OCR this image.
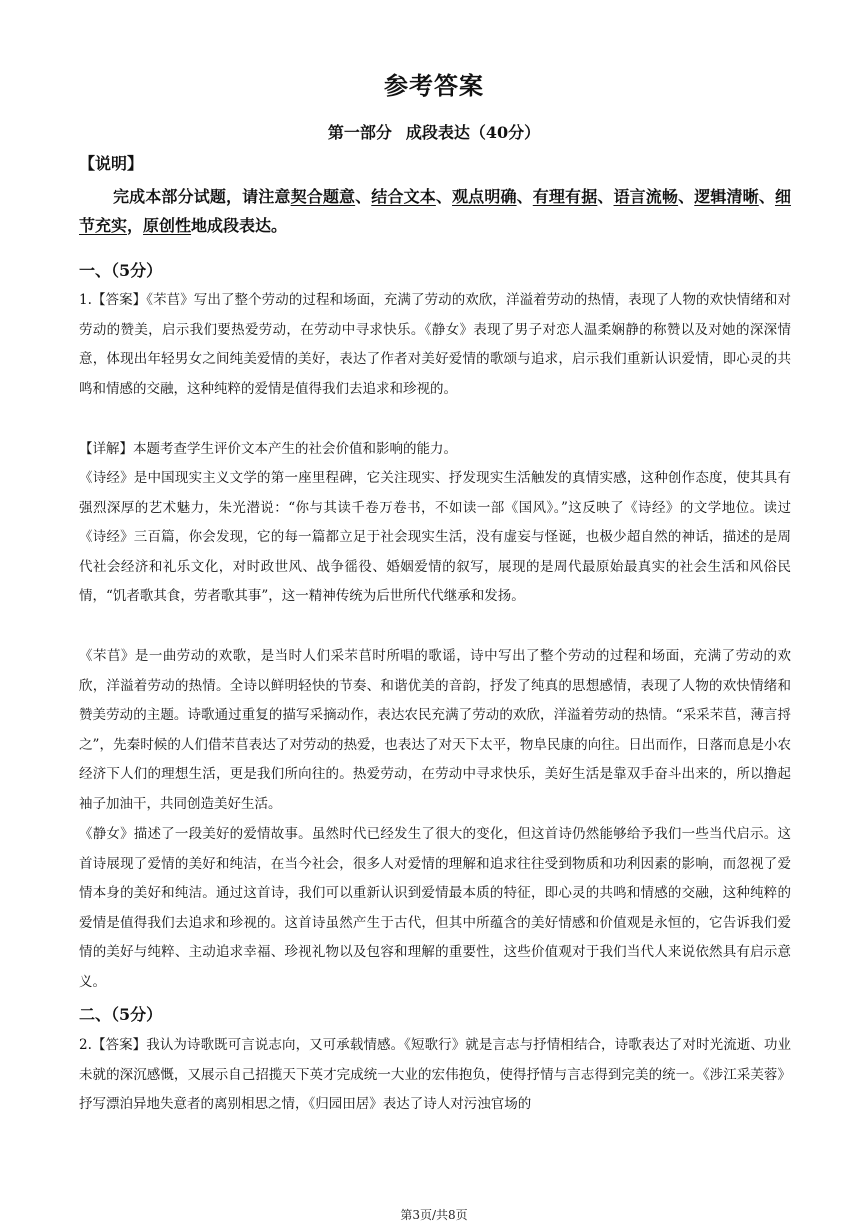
参考答案
第一部分 成段表达（40分）
【说明】
完成本部分试题，请注意契合题意、结合文本、观点明确、有理有据、语言流畅、逻辑清晰、细节充实，原创性地成段表达。
一、（5分）
1.【答案】《芣苢》写出了整个劳动的过程和场面，充满了劳动的欢欣，洋溢着劳动的热情，表现了人物的欢快情绪和对劳动的赞美，启示我们要热爱劳动，在劳动中寻求快乐。《静女》表现了男子对恋人温柔娴静的称赞以及对她的深深情意，体现出年轻男女之间纯美爱情的美好，表达了作者对美好爱情的歌颂与追求，启示我们重新认识爱情，即心灵的共鸣和情感的交融，这种纯粹的爱情是值得我们去追求和珍视的。
【详解】本题考查学生评价文本产生的社会价值和影响的能力。
《诗经》是中国现实主义文学的第一座里程碑，它关注现实、抒发现实生活触发的真情实感，这种创作态度，使其具有强烈深厚的艺术魅力，朱光潜说：“你与其读千卷万卷书，不如读一部《国风》。”这反映了《诗经》的文学地位。读过《诗经》三百篇，你会发现，它的每一篇都立足于社会现实生活，没有虚妄与怪诞，也极少超自然的神话，描述的是周代社会经济和礼乐文化，对时政世风、战争徭役、婚姻爱情的叙写，展现的是周代最原始最真实的社会生活和风俗民情，“饥者歌其食，劳者歌其事”，这一精神传统为后世所代代继承和发扬。
《芣苢》是一曲劳动的欢歌，是当时人们采芣苢时所唱的歌谣，诗中写出了整个劳动的过程和场面，充满了劳动的欢欣，洋溢着劳动的热情。全诗以鲜明轻快的节奏、和谐优美的音韵，抒发了纯真的思想感情，表现了人物的欢快情绪和赞美劳动的主题。诗歌通过重复的描写采摘动作，表达农民充满了劳动的欢欣，洋溢着劳动的热情。“采采芣苢，薄言捋之”，先秦时候的人们借芣苢表达了对劳动的热爱，也表达了对天下太平，物阜民康的向往。日出而作，日落而息是小农经济下人们的理想生活，更是我们所向往的。热爱劳动，在劳动中寻求快乐，美好生活是靠双手奋斗出来的，所以撸起袖子加油干，共同创造美好生活。
《静女》描述了一段美好的爱情故事。虽然时代已经发生了很大的变化，但这首诗仍然能够给予我们一些当代启示。这首诗展现了爱情的美好和纯洁，在当今社会，很多人对爱情的理解和追求往往受到物质和功利因素的影响，而忽视了爱情本身的美好和纯洁。通过这首诗，我们可以重新认识到爱情最本质的特征，即心灵的共鸣和情感的交融，这种纯粹的爱情是值得我们去追求和珍视的。这首诗虽然产生于古代，但其中所蕴含的美好情感和价值观是永恒的，它告诉我们爱情的美好与纯粹、主动追求幸福、珍视礼物以及包容和理解的重要性，这些价值观对于我们当代人来说依然具有启示意义。
二、（5分）
2.【答案】我认为诗歌既可言说志向，又可承载情感。《短歌行》就是言志与抒情相结合，诗歌表达了对时光流逝、功业未就的深沉感慨，又展示自己招揽天下英才完成统一大业的宏伟抱负，使得抒情与言志得到完美的统一。《涉江采芙蓉》抒写漂泊异地失意者的离别相思之情，《归园田居》表达了诗人对污浊官场的
第3页/共8页
